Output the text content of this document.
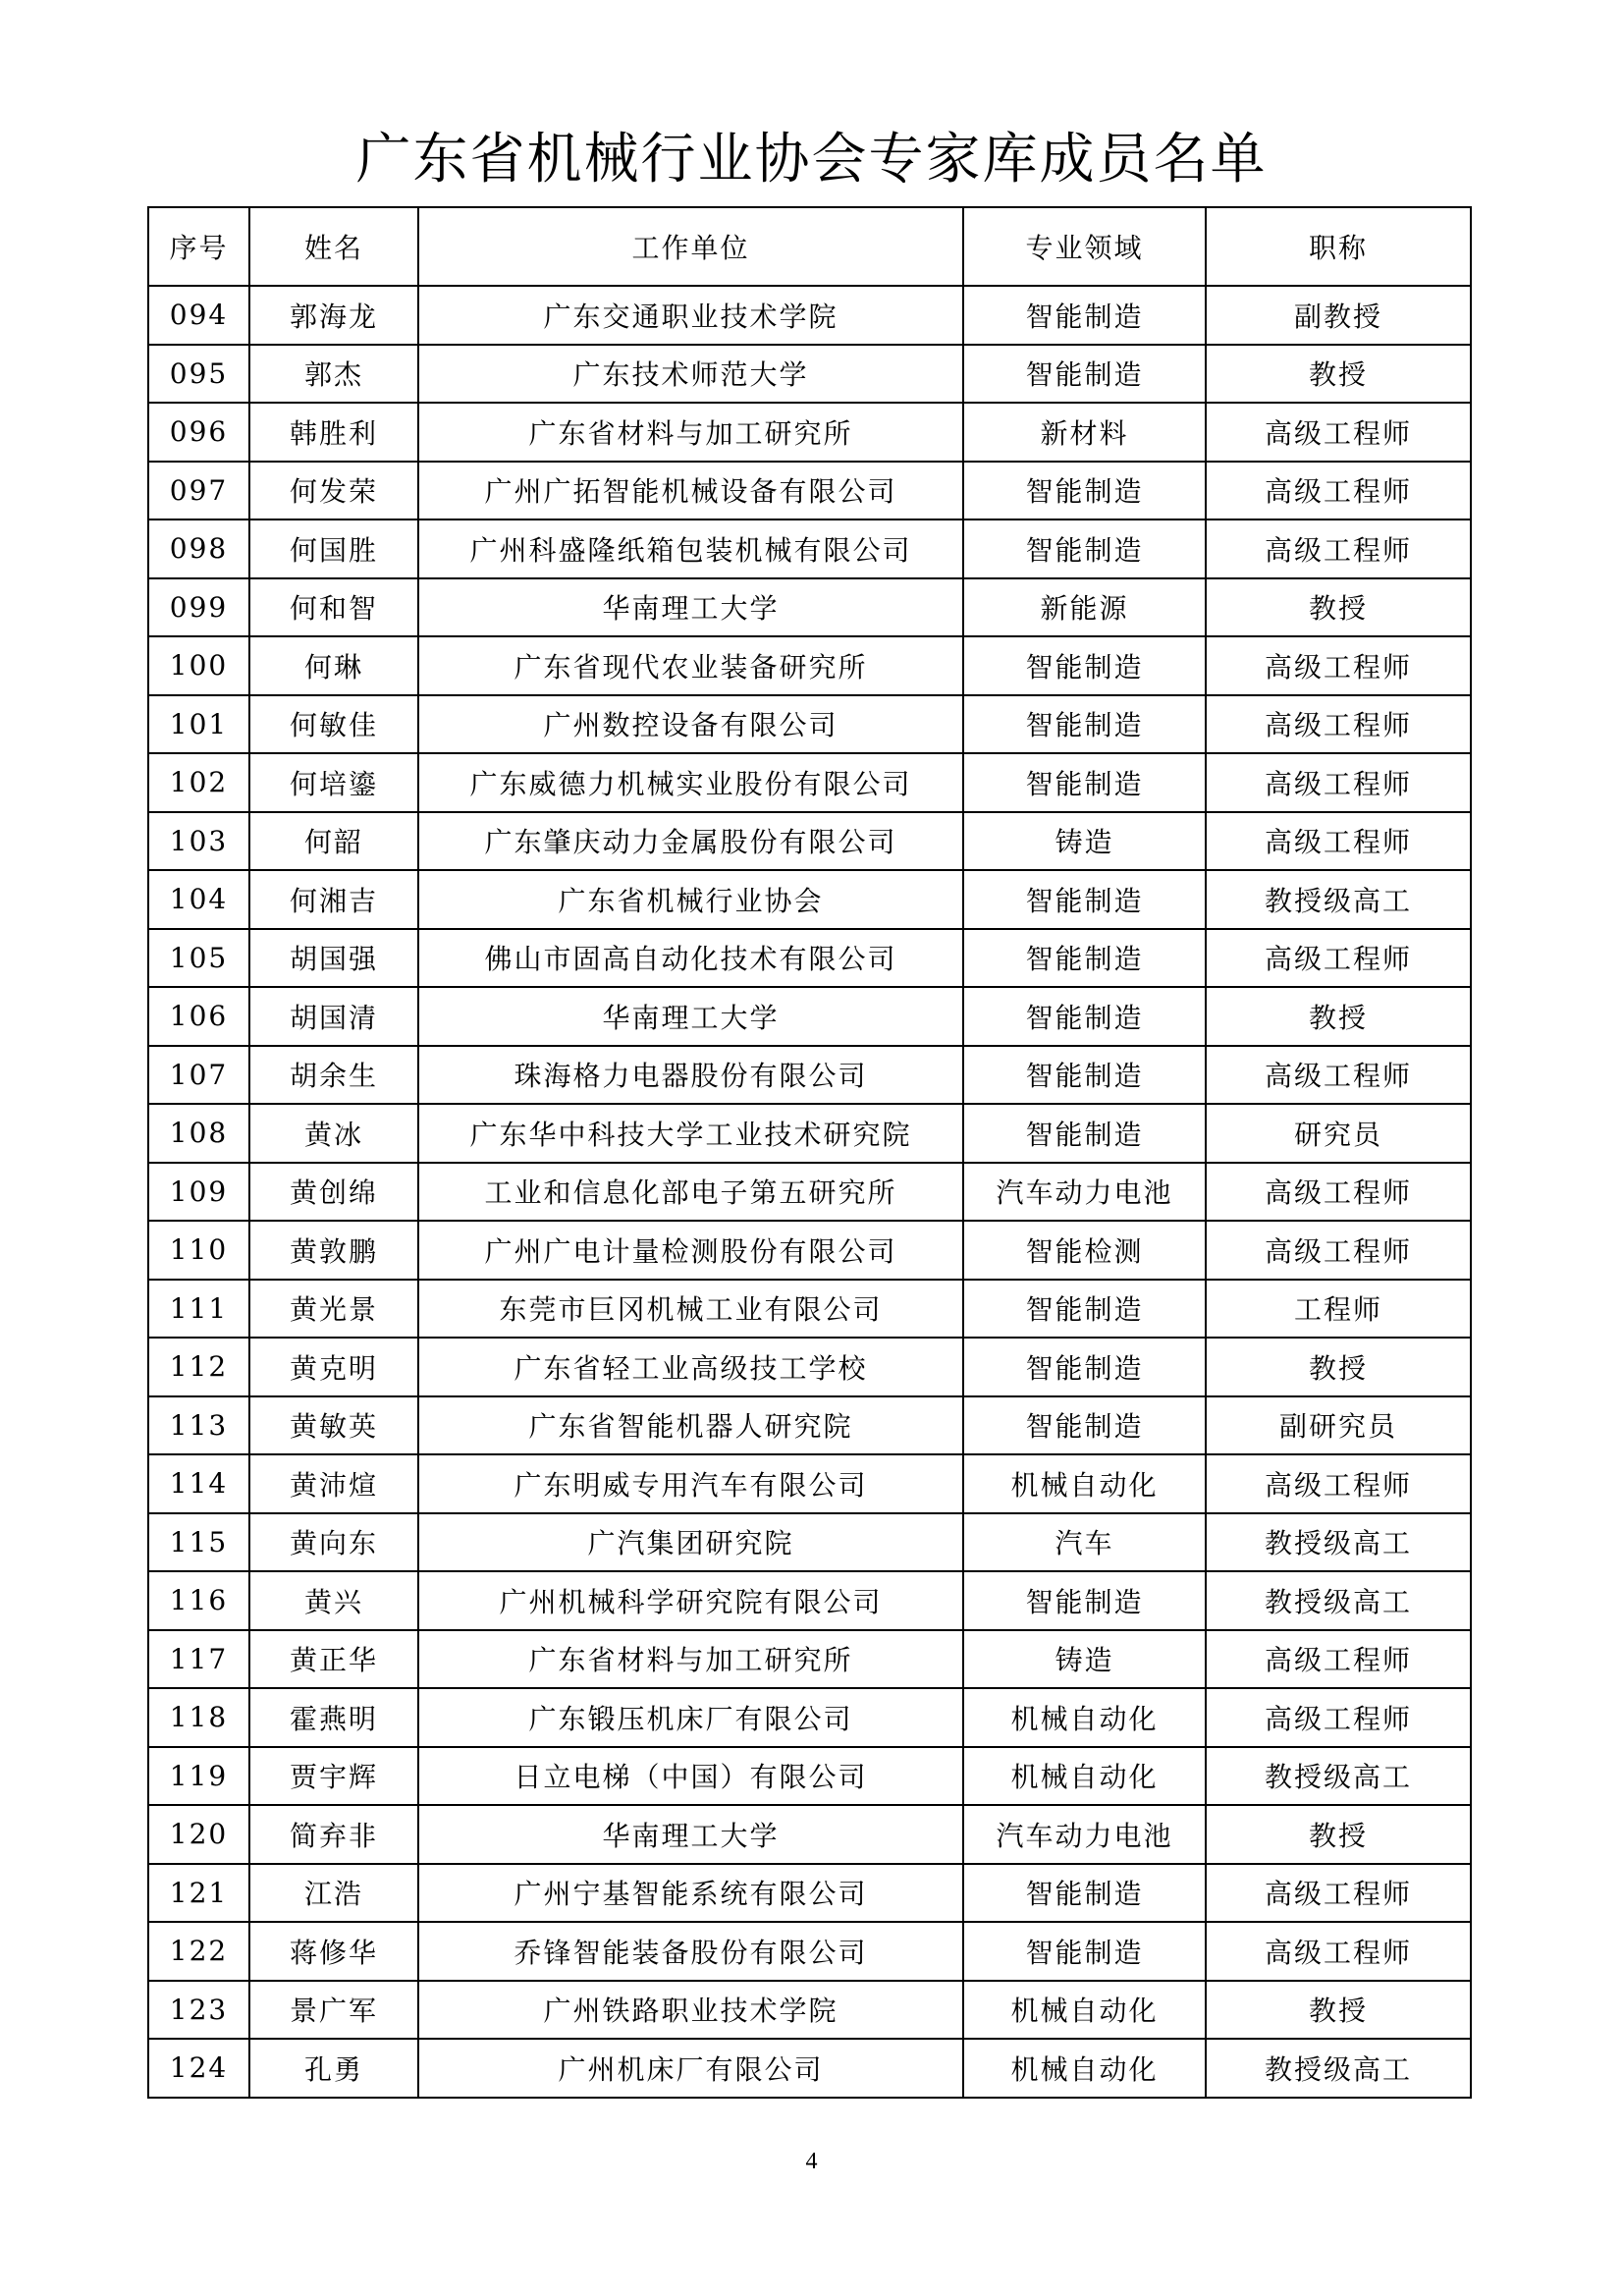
广东省机械行业协会专家库成员名单
序号	姓名	工作单位	专业领域	职称
094	郭海龙	广东交通职业技术学院	智能制造	副教授
095	郭杰	广东技术师范大学	智能制造	教授
096	韩胜利	广东省材料与加工研究所	新材料	高级工程师
097	何发荣	广州广拓智能机械设备有限公司	智能制造	高级工程师
098	何国胜	广州科盛隆纸箱包装机械有限公司	智能制造	高级工程师
099	何和智	华南理工大学	新能源	教授
100	何琳	广东省现代农业装备研究所	智能制造	高级工程师
101	何敏佳	广州数控设备有限公司	智能制造	高级工程师
102	何培鎏	广东威德力机械实业股份有限公司	智能制造	高级工程师
103	何韶	广东肇庆动力金属股份有限公司	铸造	高级工程师
104	何湘吉	广东省机械行业协会	智能制造	教授级高工
105	胡国强	佛山市固高自动化技术有限公司	智能制造	高级工程师
106	胡国清	华南理工大学	智能制造	教授
107	胡余生	珠海格力电器股份有限公司	智能制造	高级工程师
108	黄冰	广东华中科技大学工业技术研究院	智能制造	研究员
109	黄创绵	工业和信息化部电子第五研究所	汽车动力电池	高级工程师
110	黄敦鹏	广州广电计量检测股份有限公司	智能检测	高级工程师
111	黄光景	东莞市巨冈机械工业有限公司	智能制造	工程师
112	黄克明	广东省轻工业高级技工学校	智能制造	教授
113	黄敏英	广东省智能机器人研究院	智能制造	副研究员
114	黄沛煊	广东明威专用汽车有限公司	机械自动化	高级工程师
115	黄向东	广汽集团研究院	汽车	教授级高工
116	黄兴	广州机械科学研究院有限公司	智能制造	教授级高工
117	黄正华	广东省材料与加工研究所	铸造	高级工程师
118	霍燕明	广东锻压机床厂有限公司	机械自动化	高级工程师
119	贾宇辉	日立电梯（中国）有限公司	机械自动化	教授级高工
120	简弃非	华南理工大学	汽车动力电池	教授
121	江浩	广州宁基智能系统有限公司	智能制造	高级工程师
122	蒋修华	乔锋智能装备股份有限公司	智能制造	高级工程师
123	景广军	广州铁路职业技术学院	机械自动化	教授
124	孔勇	广州机床厂有限公司	机械自动化	教授级高工
4
